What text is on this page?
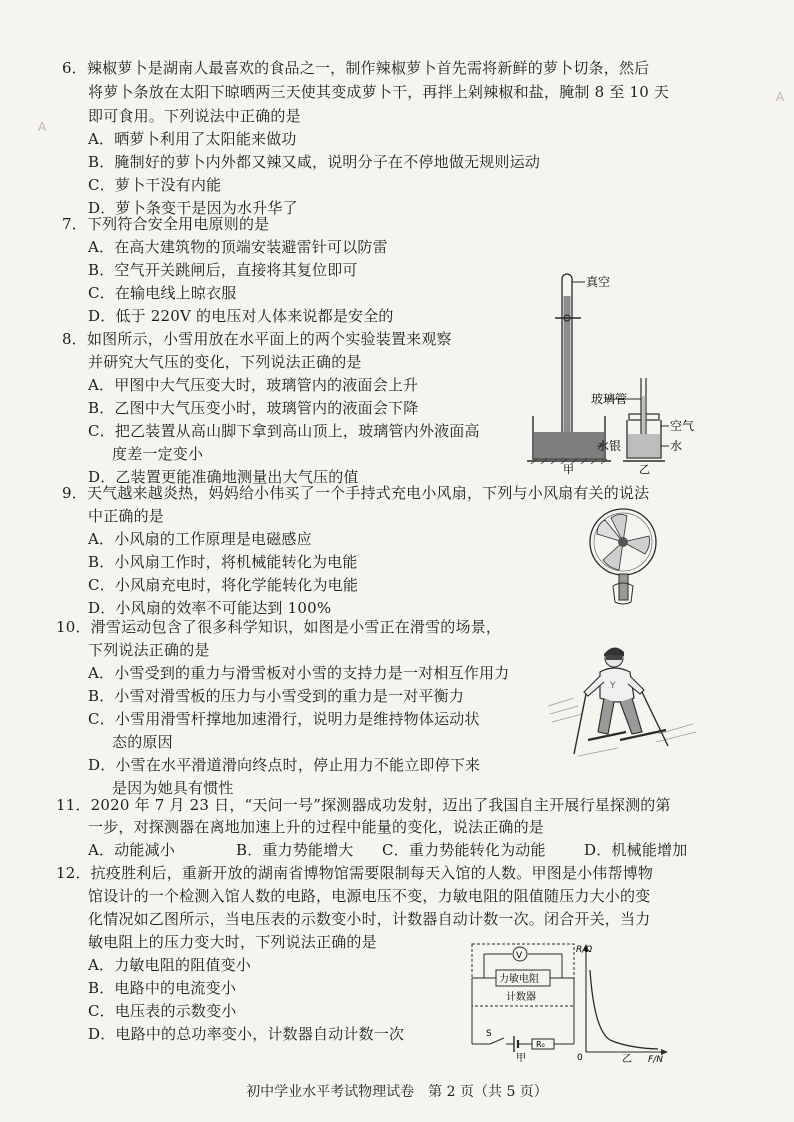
A
A
6．辣椒萝卜是湖南人最喜欢的食品之一，制作辣椒萝卜首先需将新鲜的萝卜切条，然后
将萝卜条放在太阳下晾晒两三天使其变成萝卜干，再拌上剁辣椒和盐，腌制 8 至 10 天
即可食用。下列说法中正确的是
A．晒萝卜利用了太阳能来做功
B．腌制好的萝卜内外都又辣又咸，说明分子在不停地做无规则运动
C．萝卜干没有内能
D．萝卜条变干是因为水升华了
7．下列符合安全用电原则的是
A．在高大建筑物的顶端安装避雷针可以防雷
B．空气开关跳闸后，直接将其复位即可
C．在输电线上晾衣服
D．低于 220V 的电压对人体来说都是安全的
8．如图所示，小雪用放在水平面上的两个实验装置来观察
并研究大气压的变化，下列说法正确的是
A．甲图中大气压变大时，玻璃管内的液面会上升
B．乙图中大气压变小时，玻璃管内的液面会下降
C．把乙装置从高山脚下拿到高山顶上，玻璃管内外液面高
度差一定变小
D．乙装置更能准确地测量出大气压的值
真空
水银
甲
玻璃管
空气
水
乙
9．天气越来越炎热，妈妈给小伟买了一个手持式充电小风扇，下列与小风扇有关的说法
中正确的是
A．小风扇的工作原理是电磁感应
B．小风扇工作时，将机械能转化为电能
C．小风扇充电时，将化学能转化为电能
D．小风扇的效率不可能达到 100%
10．滑雪运动包含了很多科学知识，如图是小雪正在滑雪的场景，
下列说法正确的是
A．小雪受到的重力与滑雪板对小雪的支持力是一对相互作用力
B．小雪对滑雪板的压力与小雪受到的重力是一对平衡力
C．小雪用滑雪杆撑地加速滑行，说明力是维持物体运动状
态的原因
D．小雪在水平滑道滑向终点时，停止用力不能立即停下来
是因为她具有惯性
Y
11．2020 年 7 月 23 日，“天问一号”探测器成功发射，迈出了我国自主开展行星探测的第
一步，对探测器在离地加速上升的过程中能量的变化，说法正确的是
A．动能减小	B．重力势能增大 C．重力势能转化为动能	D．机械能增加
12．抗疫胜利后，重新开放的湖南省博物馆需要限制每天入馆的人数。甲图是小伟帮博物
馆设计的一个检测入馆人数的电路，电源电压不变，力敏电阻的阻值随压力大小的变
化情况如乙图所示，当电压表的示数变小时，计数器自动计数一次。闭合开关，当力
敏电阻上的压力变大时，下列说法正确的是
A．力敏电阻的阻值变小
B．电路中的电流变小
C．电压表的示数变小
D．电路中的总功率变小，计数器自动计数一次
V
力敏电阻
计数器
S
R₀
甲
R/Ω
F/N
0	乙
初中学业水平考试物理试卷　第 2 页（共 5 页）
